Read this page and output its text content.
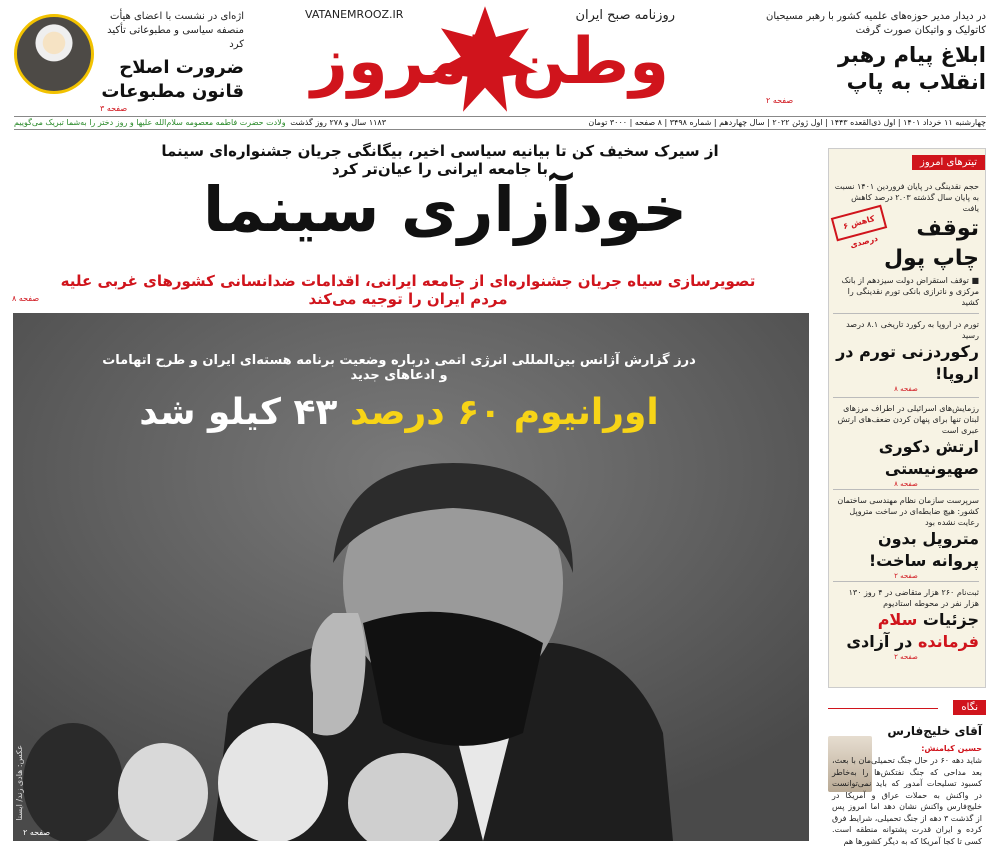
در دیدار مدیر حوزه‌های علمیه کشور با رهبر مسیحیان کاتولیک و واتیکان صورت گرفت
ابلاغ پیام رهبر انقلاب به پاپ
صفحه ۲
وطن امروز
روزنامه صبح ایران
VATANEMROOZ.IR
اژه‌ای در نشست با اعضای هیأت منصفه سیاسی و مطبوعاتی تأکید کرد
ضرورت اصلاح قانون مطبوعات
صفحه ۳
چهارشنبه ۱۱ خرداد ۱۴۰۱ | اول ذی‌القعده ۱۴۴۳ | اول ژوئن ۲۰۲۲ | سال چهاردهم | شماره ۳۴۹۸ | ۸ صفحه | ۳۰۰۰ تومان
۱۱۸۳ سال و ۲۷۸ روز گذشت
ولادت حضرت فاطمه معصومه سلام‌الله علیها و روز دختر را به‌شما تبریک می‌گوییم
از سیرک سخیف کن تا بیانیه سیاسی اخیر، بیگانگی جریان جشنواره‌ای سینما با جامعه ایرانی را عیان‌تر کرد
خودآزاری سینما
تصویرسازی سیاه جریان جشنواره‌ای از جامعه ایرانی، اقدامات ضدانسانی کشورهای غربی علیه مردم ایران را توجیه می‌کند
صفحه ۸
درز گزارش آژانس بین‌المللی انرژی اتمی درباره وضعیت برنامه هسته‌ای ایران و طرح اتهامات و ادعاهای جدید
اورانیوم ۶۰ درصد ۴۳ کیلو شد
عکس: هادی زند/ ایسنا
صفحه ۲
تیترهای امروز
حجم نقدینگی در پایان فروردین ۱۴۰۱ نسبت به پایان سال گذشته ۲.۰۳ درصد کاهش یافت
توقف چاپ پول
کاهش ۶ درصدی
■ توقف استقراض دولت سیزدهم از بانک مرکزی و ناترازی بانکی تورم نقدینگی را کشید
تورم در اروپا به رکورد تاریخی ۸.۱ درصد رسید
رکوردزنی تورم در اروپا!
صفحه ۸
رزمایش‌های اسرائیلی در اطراف مرزهای لبنان تنها برای پنهان کردن ضعف‌های ارتش عبری است
ارتش دکوری صهیونیستی
صفحه ۸
سرپرست سازمان نظام مهندسی ساختمان کشور: هیچ ضابطه‌ای در ساخت متروپل رعایت نشده بود
متروپل بدون پروانه ساخت!
صفحه ۲
ثبت‌نام ۲۶۰ هزار متقاضی در ۴ روز ۱۳۰ هزار نفر در محوطه استادیوم
جزئیات سلام فرمانده در آزادی
صفحه ۲
نگاه
آقای خلیج‌فارس
حسین کیامنش:
شاید دهه ۶۰ در حال جنگ تحمیلی‌مان با بعث، بعد مداحی که جنگ نفتکش‌ها را به‌خاطر کسبود تسلیحات آمدور که باید نمی‌توانست در واکنش به حملات عراق و آمریکا در خلیج‌فارس واکنش نشان دهد اما امروز پس از گذشت ۳ دهه از جنگ تحمیلی، شرایط فرق کرده و ایران قدرت پشتوانه منطقه است. کسی تا کجا آمریکا که به دیگر کشورها هم
